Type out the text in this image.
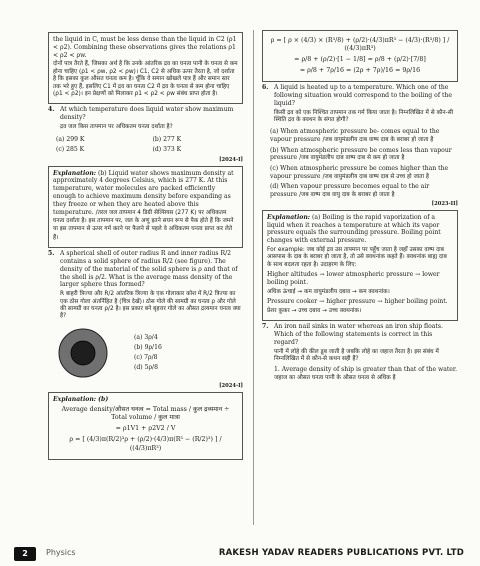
the liquid in C, must be less dense than the liquid in C2 (ρ1 < ρ2). Combining these observations gives the relations ρ1 < ρ2 < ρw.

दोनों पात्र तैरते हैं, जिसका अर्थ है कि उनके आंतरिक द्रव का घनत्व पानी के घनत्व से कम होना चाहिए (ρ1 < ρw, ρ2 < ρw)। C1, C2 से अधिक ऊपर तैरता है, जो दर्शाता है कि इसका कुल औसत घनत्व कम है। चूँकि वे समान खोखले पात्र हैं और समान स्तर तक भरे हुए हैं, इसलिए C1 में द्रव का घनत्व C2 में द्रव के घनत्व से कम होना चाहिए (ρ1 < ρ2)। इन प्रेक्षणों को मिलाकर ρ1 < ρ2 < ρw संबंध प्राप्त होता है।

4. At which temperature does liquid water show maximum density?

द्रव जल किस तापमान पर अधिकतम घनत्व दर्शाता है?

(a) 299 K	(b) 277 K
(c) 285 K	(d) 373 K
[2024-I]

Explanation: (b) Liquid water shows maximum density at approximately 4 degrees Celsius, which is 277 K. At this temperature, water molecules are packed efficiently enough to achieve maximum density before expanding as they freeze or when they are heated above this temperature. /तरल जल तापमान 4 डिग्री सेल्सियस (277 K) पर अधिकतम घनत्व दर्शाता है। इस तापमान पर, जल के अणु इतने सघन रूप से पैक होते हैं कि जमने या इस तापमान से ऊपर गर्म करने पर फैलने से पहले वे अधिकतम घनत्व प्राप्त कर लेते हैं।

5. A spherical shell of outer radius R and inner radius R/2 contains a solid sphere of radius R/2 (see figure). The density of the material of the solid sphere is ρ and that of the shell is ρ/2. What is the average mass density of the larger sphere thus formed?

R बाहरी त्रिज्या और R/2 आंतरिक त्रिज्या के एक गोलाकार कोश में R/2 त्रिज्या का एक ठोस गोला अंतर्निहित है (चित्र देखें)। ठोस गोले की सामग्री का घनत्व ρ और गोले की सामग्री का घनत्व ρ/2 है। इस प्रकार बने बृहत्तर गोले का औसत द्रव्यमान घनत्व क्या है?

(a) 3ρ/4
(b) 9ρ/16
(c) 7ρ/8
(d) 5ρ/8
[2024-I]

Explanation: (b)

Average density/औसत घनत्व = Total mass / कुल द्रव्यमान ÷ Total volume / कुल मात्रा

= ρ1V1 + ρ2V2 / V

ρ = [ (4/3)π(R/2)³ρ + (ρ/2)·(4/3)π(R³ − (R/2)³) ] / ((4/3)πR³)

ρ = [ ρ × (4/3) × (R³/8) + (ρ/2)·(4/3)πR³ − (4/3)·(R³/8) ] / ((4/3)πR³)

= ρ/8 + (ρ/2)·[1 − 1/8] = ρ/8 + (ρ/2)·[7/8]

= ρ/8 + 7ρ/16 = (2ρ + 7ρ)/16 = 9ρ/16

6. A liquid is heated up to a temperature. Which one of the following situation would correspond to the boiling of the liquid?

किसी द्रव को एक निश्चित तापमान तक गर्म किया जाता है। निम्नलिखित में से कौन-सी स्थिति द्रव के क्वथन के संगत होगी?

(a) When atmospheric pressure be- comes equal to the vapour pressure /जब वायुमंडलीय दाब वाष्प दाब के बराबर हो जाता है
(b) When atmospheric pressure be comes less than vapour pressure /जब वायुमंडलीय दाब वाष्प दाब से कम हो जाता है
(c) When atmospheric pressure be comes higher than the vapour pressure /जब वायुमंडलीय दाब वाष्प दाब से उच्च हो जाता है
(d) When vapour pressure becomes equal to the air pressure /जब वाष्प दाब वायु दाब के बराबर हो जाता है
[2023-II]

Explanation: (a) Boiling is the rapid vaporization of a liquid when it reaches a temperature at which its vapor pressure equals the surrounding pressure. Boiling point changes with external pressure.

For example: जब कोई द्रव उस तापमान पर पहुँच जाता है जहाँ उसका वाष्प दाब आसपास के दाब के बराबर हो जाता है, तो उसे क्वथनांक कहते हैं। क्वथनांक बाह्य दाब के साथ बदलता रहता है। उदाहरण के लिए:

Higher altitudes → lower atmospheric pressure → lower boiling point.

अधिक ऊंचाई → कम वायुमंडलीय दबाव → कम क्वथनांक।

Pressure cooker → higher pressure → higher boiling point.

प्रेशर कुकर → उच्च दबाव → उच्च क्वथनांक।

7. An iron nail sinks in water whereas an iron ship floats. Which of the following statements is correct in this regard?

पानी में लोहे की कील डूब जाती है जबकि लोहे का जहाज तैरता है। इस संबंध में निम्नलिखित में से कौन-से कथन सही हैं?

1. Average density of ship is greater than that of the water.

जहाज का औसत घनत्व पानी के औसत घनत्व से अधिक है

2	Physics	RAKESH YADAV READERS PUBLICATIONS PVT. LTD
